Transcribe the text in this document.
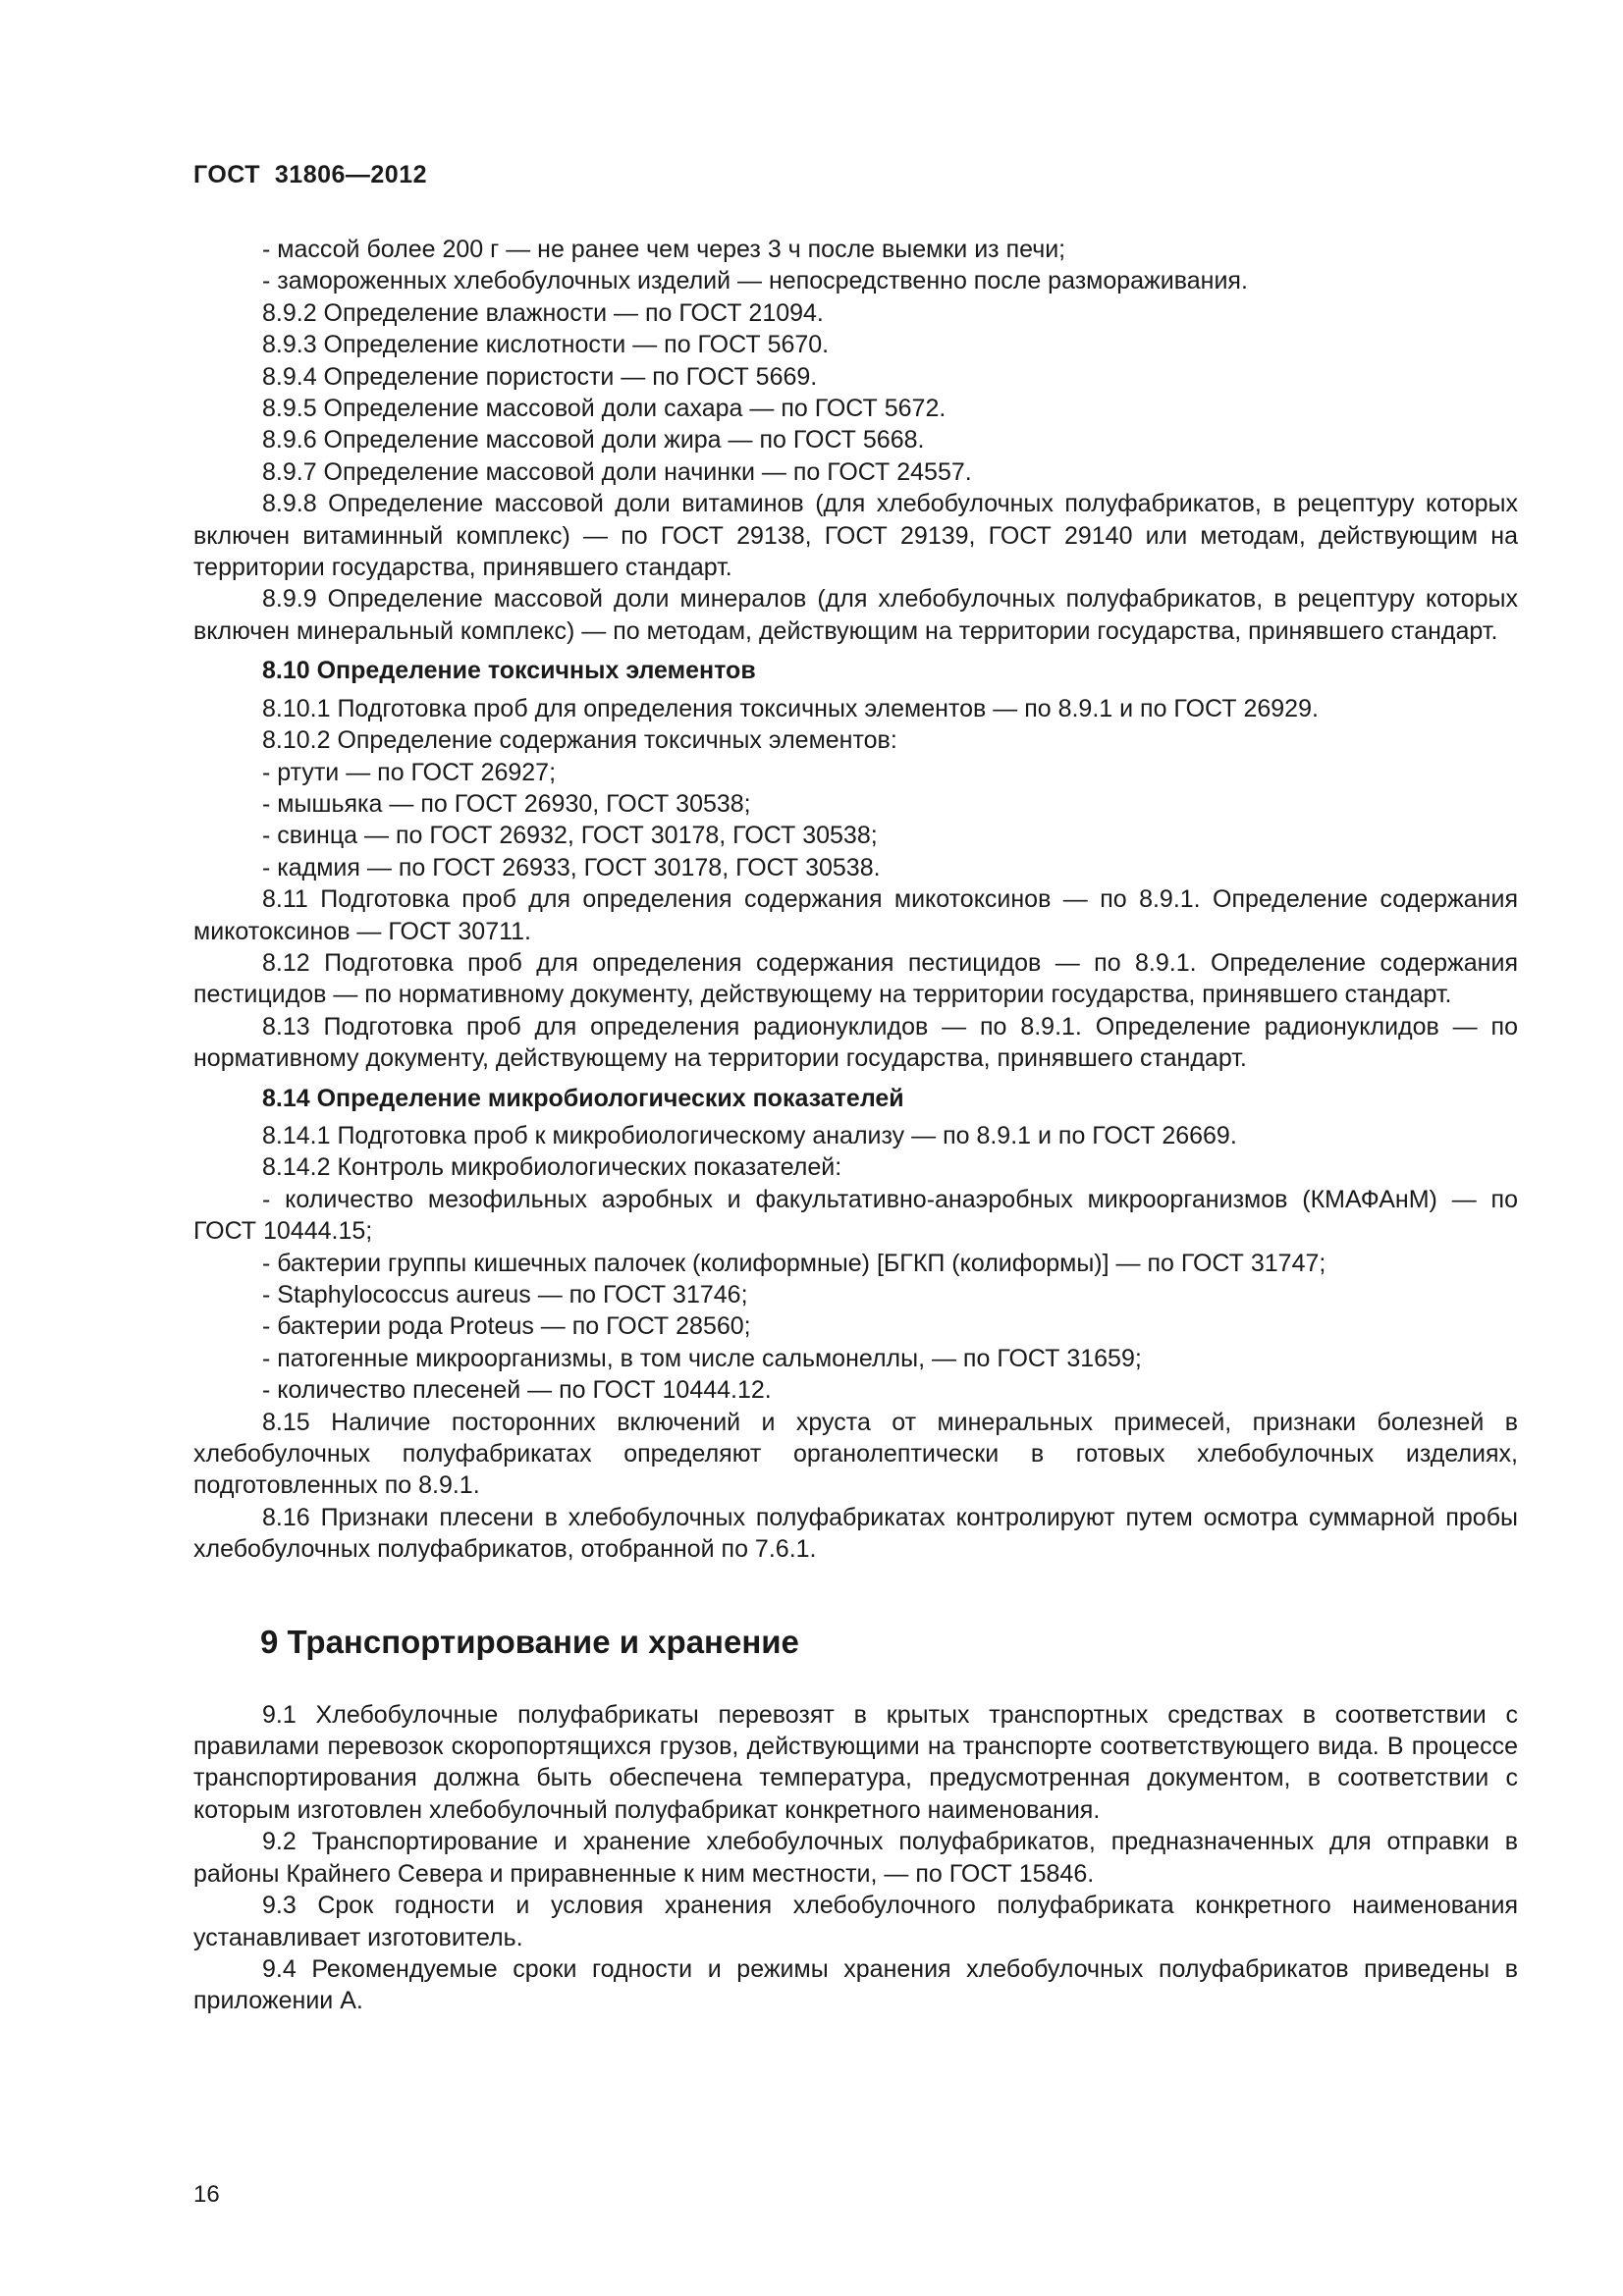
ГОСТ  31806—2012

- массой более 200 г — не ранее чем через 3 ч после выемки из печи;

- замороженных хлебобулочных изделий — непосредственно после размораживания.

8.9.2 Определение влажности — по ГОСТ 21094.

8.9.3 Определение кислотности — по ГОСТ 5670.

8.9.4 Определение пористости — по ГОСТ 5669.

8.9.5 Определение массовой доли сахара — по ГОСТ 5672.

8.9.6 Определение массовой доли жира — по ГОСТ 5668.

8.9.7 Определение массовой доли начинки — по ГОСТ 24557.

8.9.8 Определение массовой доли витаминов (для хлебобулочных полуфабрикатов, в рецептуру которых включен витаминный комплекс) — по ГОСТ 29138, ГОСТ 29139, ГОСТ 29140 или методам, действующим на территории государства, принявшего стандарт.

8.9.9 Определение массовой доли минералов (для хлебобулочных полуфабрикатов, в рецептуру которых включен минеральный комплекс) — по методам, действующим на территории государства, принявшего стандарт.

8.10 Определение токсичных элементов

8.10.1 Подготовка проб для определения токсичных элементов — по 8.9.1 и по ГОСТ 26929.

8.10.2 Определение содержания токсичных элементов:

- ртути — по ГОСТ 26927;

- мышьяка — по ГОСТ 26930, ГОСТ 30538;

- свинца — по ГОСТ 26932, ГОСТ 30178, ГОСТ 30538;

- кадмия — по ГОСТ 26933, ГОСТ 30178, ГОСТ 30538.

8.11 Подготовка проб для определения содержания микотоксинов — по 8.9.1. Определение содержания микотоксинов — ГОСТ 30711.

8.12 Подготовка проб для определения содержания пестицидов — по 8.9.1. Определение содержания пестицидов — по нормативному документу, действующему на территории государства, принявшего стандарт.

8.13 Подготовка проб для определения радионуклидов — по 8.9.1. Определение радионуклидов — по нормативному документу, действующему на территории государства, принявшего стандарт.

8.14 Определение микробиологических показателей

8.14.1 Подготовка проб к микробиологическому анализу — по 8.9.1 и по ГОСТ 26669.

8.14.2 Контроль микробиологических показателей:

- количество мезофильных аэробных и факультативно-анаэробных микроорганизмов (КМАФАнМ) — по ГОСТ 10444.15;

- бактерии группы кишечных палочек (колиформные) [БГКП (колиформы)] — по ГОСТ 31747;

- Staphylococcus aureus — по ГОСТ 31746;

- бактерии рода Proteus — по ГОСТ 28560;

- патогенные микроорганизмы, в том числе сальмонеллы, — по ГОСТ 31659;

- количество плесеней — по ГОСТ 10444.12.

8.15 Наличие посторонних включений и хруста от минеральных примесей, признаки болезней в хлебобулочных полуфабрикатах определяют органолептически в готовых хлебобулочных изделиях, подготовленных по 8.9.1.

8.16 Признаки плесени в хлебобулочных полуфабрикатах контролируют путем осмотра суммарной пробы хлебобулочных полуфабрикатов, отобранной по 7.6.1.

9 Транспортирование и хранение

9.1 Хлебобулочные полуфабрикаты перевозят в крытых транспортных средствах в соответствии с правилами перевозок скоропортящихся грузов, действующими на транспорте соответствующего вида. В процессе транспортирования должна быть обеспечена температура, предусмотренная документом, в соответствии с которым изготовлен хлебобулочный полуфабрикат конкретного наименования.

9.2 Транспортирование и хранение хлебобулочных полуфабрикатов, предназначенных для отправки в районы Крайнего Севера и приравненные к ним местности, — по ГОСТ 15846.

9.3 Срок годности и условия хранения хлебобулочного полуфабриката конкретного наименования устанавливает изготовитель.

9.4 Рекомендуемые сроки годности и режимы хранения хлебобулочных полуфабрикатов приведены в приложении А.

16
